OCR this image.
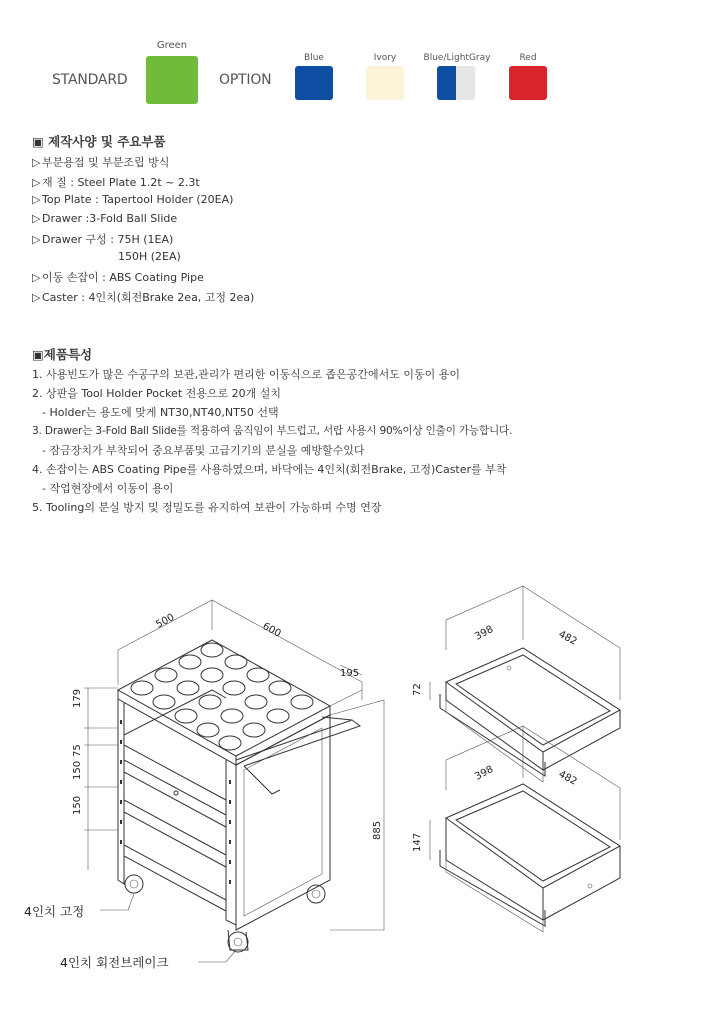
STANDARD
Green
OPTION
Blue	Ivory	Blue/LightGray	Red
▣ 제작사양 및 주요부품
▷ 부분용접 및 부분조립 방식
▷ 재 질 : Steel Plate 1.2t ~ 2.3t
▷ Top Plate : Tapertool Holder (20EA)
▷ Drawer :3-Fold Ball Slide
▷ Drawer 구성 : 75H (1EA)
150H (2EA)
▷ 이동 손잡이 : ABS Coating Pipe
▷ Caster : 4인치(회전Brake 2ea, 고정 2ea)
▣제품특성
1. 사용빈도가 많은 수공구의 보관,관리가 편리한 이동식으로 좁은공간에서도 이동이 용이
2. 상판을 Tool Holder Pocket 전용으로 20개 설치
- Holder는 용도에 맞게 NT30,NT40,NT50 선택
3. Drawer는 3-Fold Ball Slide를 적용하여 움직임이 부드럽고, 서랍 사용시 90%이상 인출이 가능합니다.
- 잠금장치가 부착되어 중요부품및 고급기기의 분실을 예방할수있다
4. 손잡이는 ABS Coating Pipe를 사용하였으며, 바닥에는 4인치(회전Brake, 고정)Caster를 부착
- 작업현장에서 이동이 용이
5. Tooling의 분실 방지 및 정밀도를 유지하여 보관이 가능하며 수명 연장
500	600
195
885
179
75
150
150
398	482
72
398	482
147
4인치 고정
4인치 회전브레이크
